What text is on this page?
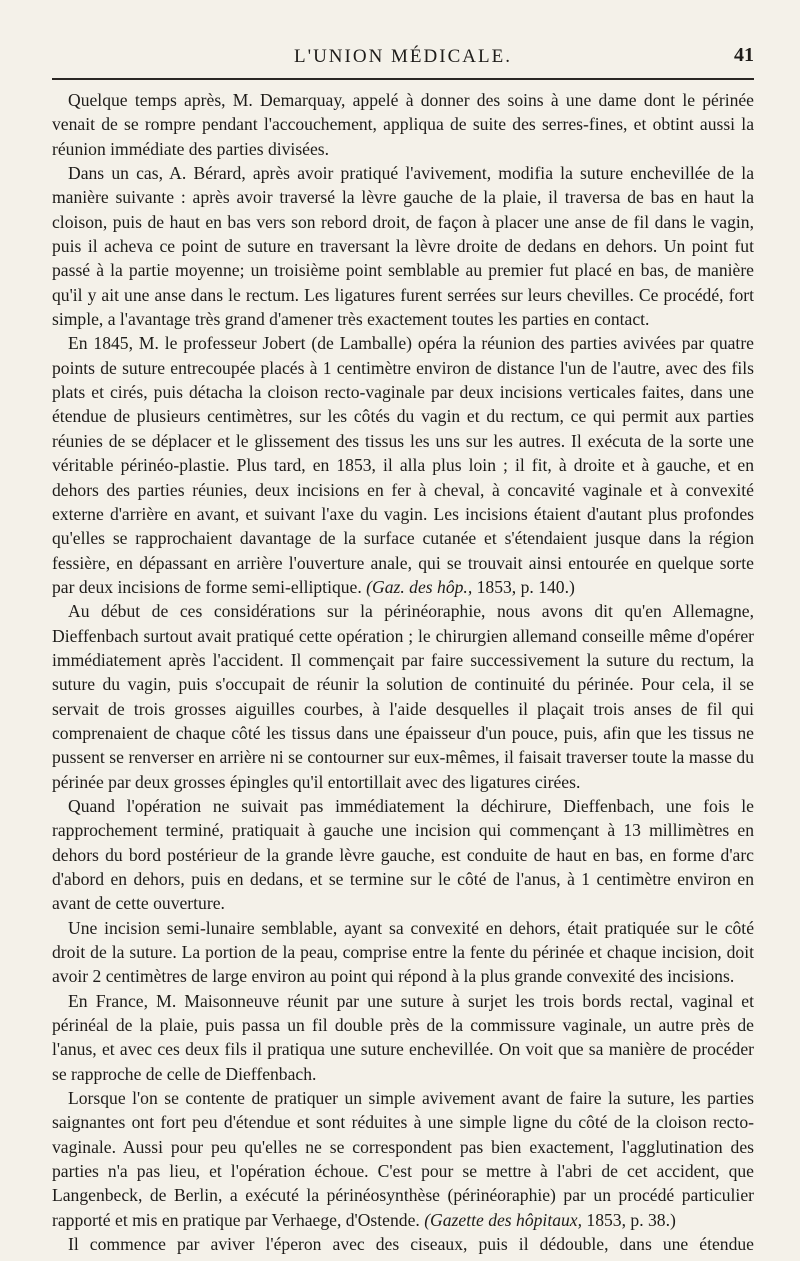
L'UNION MÉDICALE.	41

Quelque temps après, M. Demarquay, appelé à donner des soins à une dame dont le périnée venait de se rompre pendant l'accouchement, appliqua de suite des serres-fines, et obtint aussi la réunion immédiate des parties divisées.

Dans un cas, A. Bérard, après avoir pratiqué l'avivement, modifia la suture enchevillée de la manière suivante : après avoir traversé la lèvre gauche de la plaie, il traversa de bas en haut la cloison, puis de haut en bas vers son rebord droit, de façon à placer une anse de fil dans le vagin, puis il acheva ce point de suture en traversant la lèvre droite de dedans en dehors. Un point fut passé à la partie moyenne; un troisième point semblable au premier fut placé en bas, de manière qu'il y ait une anse dans le rectum. Les ligatures furent serrées sur leurs chevilles. Ce procédé, fort simple, a l'avantage très grand d'amener très exactement toutes les parties en contact.

En 1845, M. le professeur Jobert (de Lamballe) opéra la réunion des parties avivées par quatre points de suture entrecoupée placés à 1 centimètre environ de distance l'un de l'autre, avec des fils plats et cirés, puis détacha la cloison recto-vaginale par deux incisions verticales faites, dans une étendue de plusieurs centimètres, sur les côtés du vagin et du rectum, ce qui permit aux parties réunies de se déplacer et le glissement des tissus les uns sur les autres. Il exécuta de la sorte une véritable périnéo-plastie. Plus tard, en 1853, il alla plus loin ; il fit, à droite et à gauche, et en dehors des parties réunies, deux incisions en fer à cheval, à concavité vaginale et à convexité externe d'arrière en avant, et suivant l'axe du vagin. Les incisions étaient d'autant plus profondes qu'elles se rapprochaient davantage de la surface cutanée et s'étendaient jusque dans la région fessière, en dépassant en arrière l'ouverture anale, qui se trouvait ainsi entourée en quelque sorte par deux incisions de forme semi-elliptique. (Gaz. des hôp., 1853, p. 140.)

Au début de ces considérations sur la périnéoraphie, nous avons dit qu'en Allemagne, Dieffenbach surtout avait pratiqué cette opération ; le chirurgien allemand conseille même d'opérer immédiatement après l'accident. Il commençait par faire successivement la suture du rectum, la suture du vagin, puis s'occupait de réunir la solution de continuité du périnée. Pour cela, il se servait de trois grosses aiguilles courbes, à l'aide desquelles il plaçait trois anses de fil qui comprenaient de chaque côté les tissus dans une épaisseur d'un pouce, puis, afin que les tissus ne pussent se renverser en arrière ni se contourner sur eux-mêmes, il faisait traverser toute la masse du périnée par deux grosses épingles qu'il entortillait avec des ligatures cirées.

Quand l'opération ne suivait pas immédiatement la déchirure, Dieffenbach, une fois le rapprochement terminé, pratiquait à gauche une incision qui commençant à 13 millimètres en dehors du bord postérieur de la grande lèvre gauche, est conduite de haut en bas, en forme d'arc d'abord en dehors, puis en dedans, et se termine sur le côté de l'anus, à 1 centimètre environ en avant de cette ouverture.

Une incision semi-lunaire semblable, ayant sa convexité en dehors, était pratiquée sur le côté droit de la suture. La portion de la peau, comprise entre la fente du périnée et chaque incision, doit avoir 2 centimètres de large environ au point qui répond à la plus grande convexité des incisions.

En France, M. Maisonneuve réunit par une suture à surjet les trois bords rectal, vaginal et périnéal de la plaie, puis passa un fil double près de la commissure vaginale, un autre près de l'anus, et avec ces deux fils il pratiqua une suture enchevillée. On voit que sa manière de procéder se rapproche de celle de Dieffenbach.

Lorsque l'on se contente de pratiquer un simple avivement avant de faire la suture, les parties saignantes ont fort peu d'étendue et sont réduites à une simple ligne du côté de la cloison recto-vaginale. Aussi pour peu qu'elles ne se correspondent pas bien exactement, l'agglutination des parties n'a pas lieu, et l'opération échoue. C'est pour se mettre à l'abri de cet accident, que Langenbeck, de Berlin, a exécuté la périnéosynthèse (périnéoraphie) par un procédé particulier rapporté et mis en pratique par Verhaege, d'Ostende. (Gazette des hôpitaux, 1853, p. 38.)

Il commence par aviver l'éperon avec des ciseaux, puis il dédouble, dans une étendue
